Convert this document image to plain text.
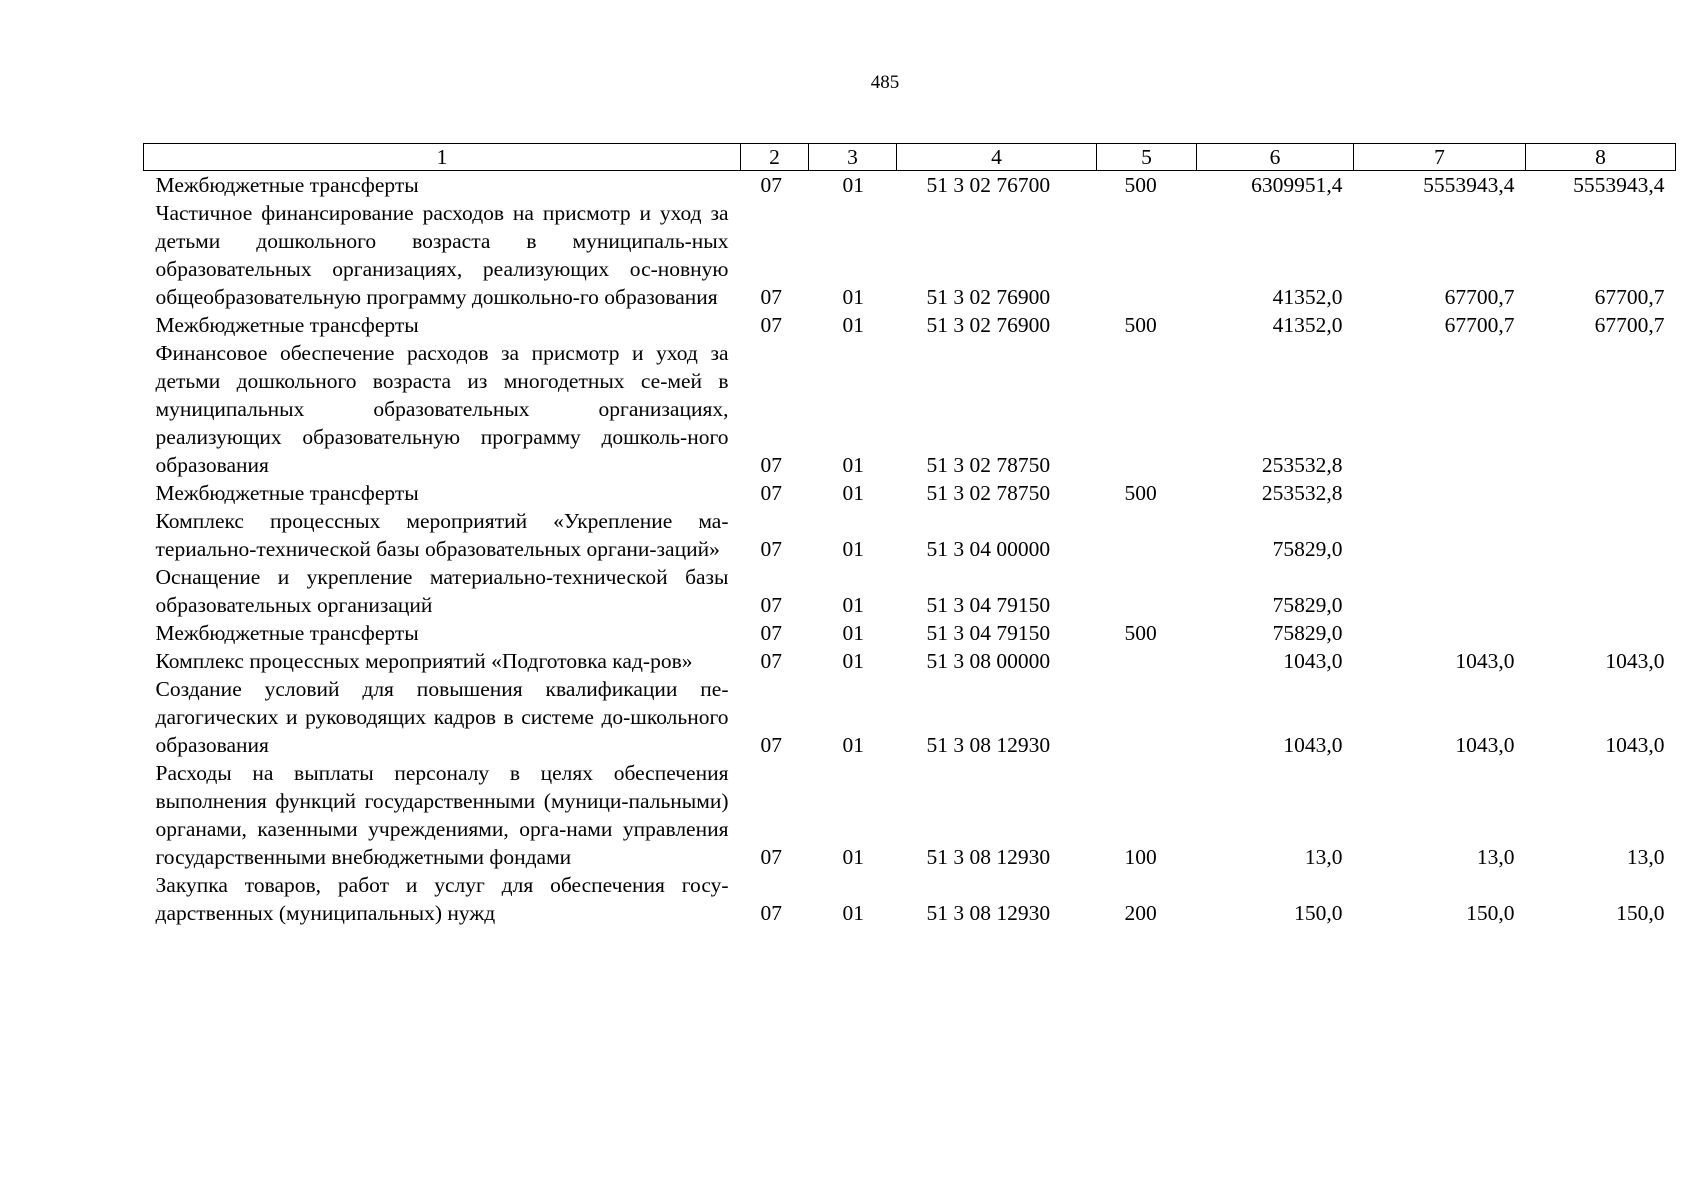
485
1	2	3	4	5	6	7	8
Межбюджетные трансферты	07	01	51 3 02 76700	500	6309951,4	5553943,4	5553943,4
Частичное финансирование расходов на присмотр и уход за детьми дошкольного возраста в муниципаль-ных образовательных организациях, реализующих ос-новную общеобразовательную программу дошкольно-го образования	07	01	51 3 02 76900		41352,0	67700,7	67700,7
Межбюджетные трансферты	07	01	51 3 02 76900	500	41352,0	67700,7	67700,7
Финансовое обеспечение расходов за присмотр и уход за детьми дошкольного возраста из многодетных се-мей в муниципальных образовательных организациях, реализующих образовательную программу дошколь-ного образования	07	01	51 3 02 78750		253532,8		
Межбюджетные трансферты	07	01	51 3 02 78750	500	253532,8		
Комплекс процессных мероприятий «Укрепление ма-териально-технической базы образовательных органи-заций»	07	01	51 3 04 00000		75829,0		
Оснащение и укрепление материально-технической базы образовательных организаций	07	01	51 3 04 79150		75829,0		
Межбюджетные трансферты	07	01	51 3 04 79150	500	75829,0		
Комплекс процессных мероприятий «Подготовка кад-ров»	07	01	51 3 08 00000		1043,0	1043,0	1043,0
Создание условий для повышения квалификации пе-дагогических и руководящих кадров в системе до-школьного образования	07	01	51 3 08 12930		1043,0	1043,0	1043,0
Расходы на выплаты персоналу в целях обеспечения выполнения функций государственными (муници-пальными) органами, казенными учреждениями, орга-нами управления государственными внебюджетными фондами	07	01	51 3 08 12930	100	13,0	13,0	13,0
Закупка товаров, работ и услуг для обеспечения госу-дарственных (муниципальных) нужд	07	01	51 3 08 12930	200	150,0	150,0	150,0
